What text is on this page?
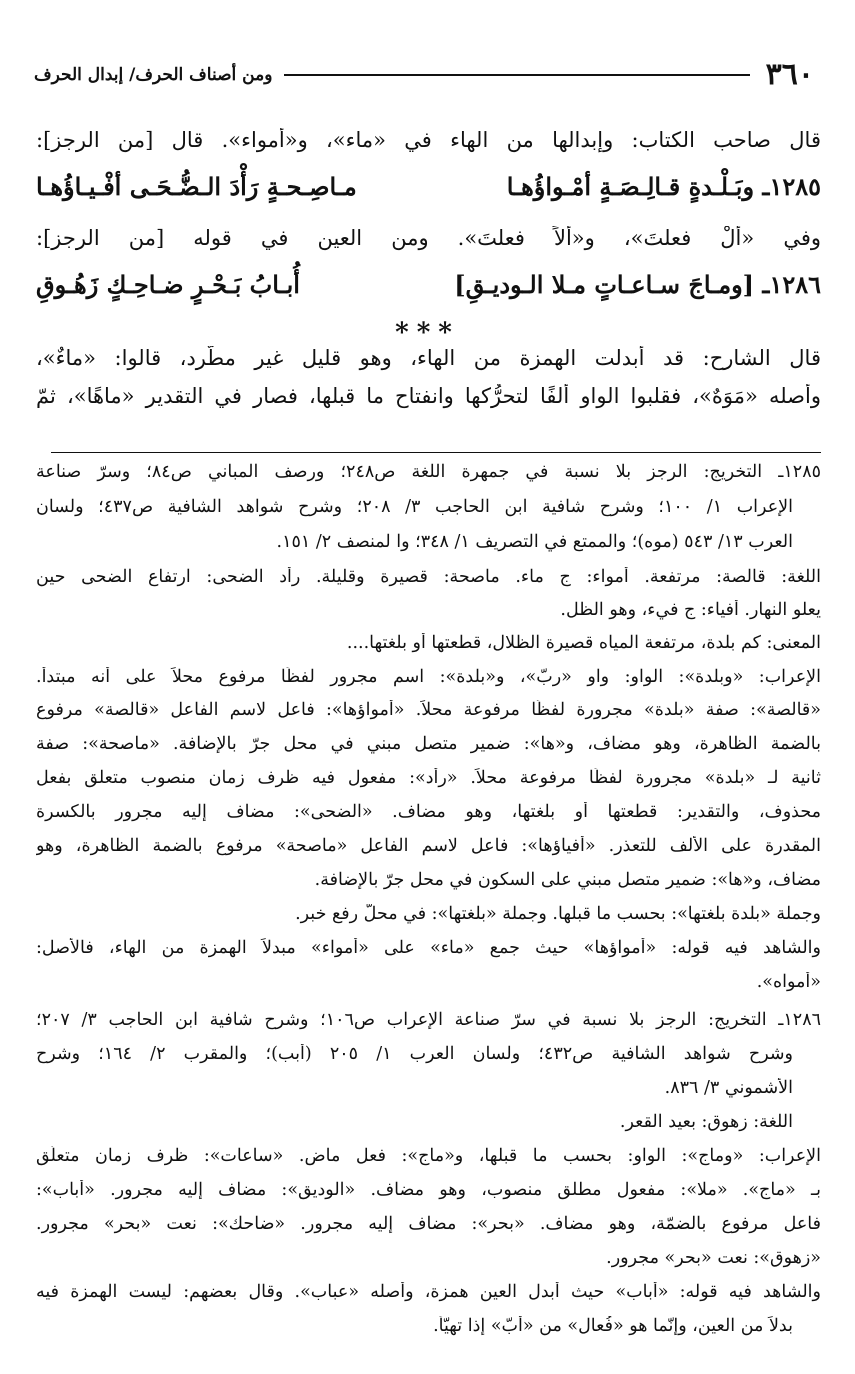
٣٦٠
ومن أصناف الحرف/ إبدال الحرف
قال صاحب الكتاب: وإبدالها من الهاء في «ماء»، و«أمواء». قال [من الرجز]:
١٢٨٥ـ وبَـلْـدةٍ قـالِـصَـةٍ أمْـواؤُهـا
مـاصِـحـةٍ رَأْدَ الـضُّـحَـى أفْـيـاؤُهـا
وفي «ألْ فعلتَ»، و«ألاً فعلتَ». ومن العين في قوله [من الرجز]:
١٢٨٦ـ [ومـاجَ سـاعـاتٍ مـلا الـوديـقِ]
أُبـابُ بَـحْـرٍ ضـاحِـكٍ زَهُـوقِ
***
قال الشارح: قد أُبدلت الهمزة من الهاء، وهو قليل غير مطّرد، قالوا: «ماءٌ»،
وأصله «مَوَهٌ»، فقلبوا الواو ألفًا لتحرُّكها وانفتاح ما قبلها، فصار في التقدير «ماهًا»، ثمّ
١٢٨٥ـ التخريج: الرجز بلا نسبة في جمهرة اللغة ص٢٤٨؛ ورصف المباني ص٨٤؛ وسرّ صناعة
الإعراب ١/ ١٠٠؛ وشرح شافية ابن الحاجب ٣/ ٢٠٨؛ وشرح شواهد الشافية ص٤٣٧؛ ولسان
العرب ١٣/ ٥٤٣ (موه)؛ والممتع في التصريف ١/ ٣٤٨؛ وا لمنصف ٢/ ١٥١.
اللغة: قالصة: مرتفعة. أمواء: ج ماء. ماصحة: قصيرة وقليلة. رأد الضحى: ارتفاع الضحى حين
يعلو النهار. أفياء: ج فيء، وهو الظل.
المعنى: كم بلدة، مرتفعة المياه قصيرة الظلال، قطعتها أو بلغتها....
الإعراب: «وبلدة»: الواو: واو «ربّ»، و«بلدة»: اسم مجرور لفظًا مرفوع محلاً على أنه مبتدأ.
«قالصة»: صفة «بلدة» مجرورة لفظًا مرفوعة محلاً. «أمواؤها»: فاعل لاسم الفاعل «قالصة» مرفوع
بالضمة الظاهرة، وهو مضاف، و«ها»: ضمير متصل مبني في محل جرّ بالإضافة. «ماصحة»: صفة
ثانية لـ «بلدة» مجرورة لفظًا مرفوعة محلاً. «رأد»: مفعول فيه ظرف زمان منصوب متعلق بفعل
محذوف، والتقدير: قطعتها أو بلغتها، وهو مضاف. «الضحى»: مضاف إليه مجرور بالكسرة
المقدرة على الألف للتعذر. «أفياؤها»: فاعل لاسم الفاعل «ماصحة» مرفوع بالضمة الظاهرة، وهو
مضاف، و«ها»: ضمير متصل مبني على السكون في محل جرّ بالإضافة.
وجملة «بلدة بلغتها»: بحسب ما قبلها. وجملة «بلغتها»: في محلّ رفع خبر.
والشاهد فيه قوله: «أمواؤها» حيث جمع «ماء» على «أمواء» مبدلاً الهمزة من الهاء، فالأصل:
«أمواه».
١٢٨٦ـ التخريج: الرجز بلا نسبة في سرّ صناعة الإعراب ص١٠٦؛ وشرح شافية ابن الحاجب ٣/ ٢٠٧؛
وشرح شواهد الشافية ص٤٣٢؛ ولسان العرب ١/ ٢٠٥ (أبب)؛ والمقرب ٢/ ١٦٤؛ وشرح
الأشموني ٣/ ٨٣٦.
اللغة: زهوق: بعيد القعر.
الإعراب: «وماج»: الواو: بحسب ما قبلها، و«ماج»: فعل ماضٍ. «ساعات»: ظرف زمان متعلّق
بـ «ماج». «ملا»: مفعول مطلق منصوب، وهو مضاف. «الوديق»: مضاف إليه مجرور. «أباب»:
فاعل مرفوع بالضمّة، وهو مضاف. «بحر»: مضاف إليه مجرور. «ضاحك»: نعت «بحر» مجرور.
«زهوق»: نعت «بحر» مجرور.
والشاهد فيه قوله: «أباب» حيث أبدل العين همزة، وأصله «عباب». وقال بعضهم: ليست الهمزة فيه
بدلاً من العين، وإنّما هو «فُعال» من «أبّ» إذا تهيّأ.
